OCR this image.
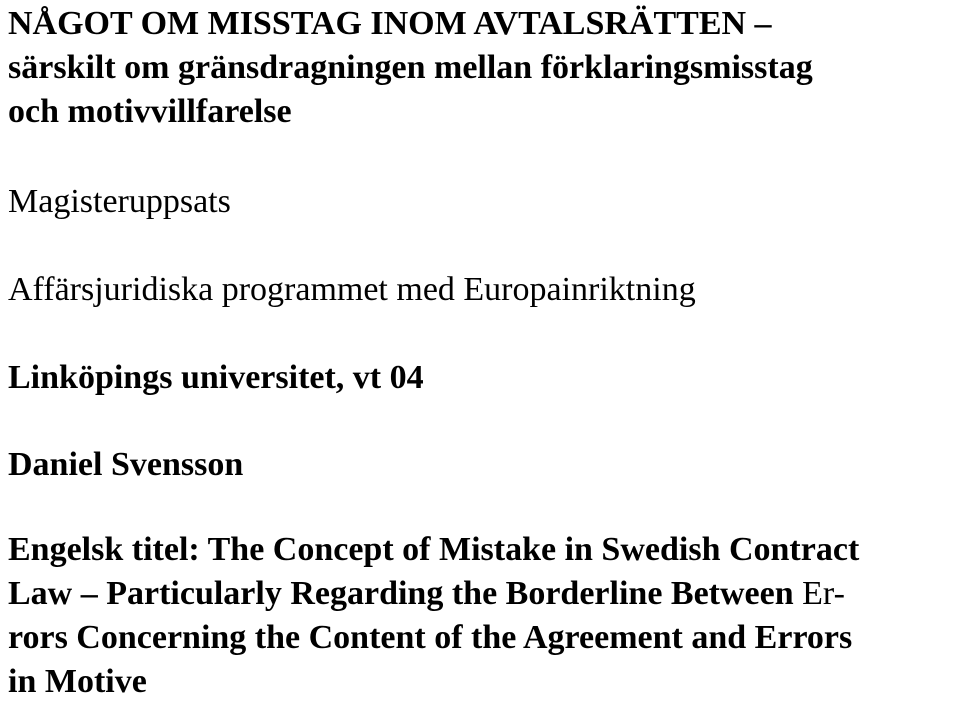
NÅGOT OM MISSTAG INOM AVTALSRÄTTEN –
särskilt om gränsdragningen mellan förklaringsmisstag
och motivvillfarelse
Magisteruppsats
Affärsjuridiska programmet med Europainriktning
Linköpings universitet, vt 04
Daniel Svensson
Engelsk titel: The Concept of Mistake in Swedish Contract
Law – Particularly Regarding the Borderline Between Er-
rors Concerning the Content of the Agreement and Errors
in Motive
